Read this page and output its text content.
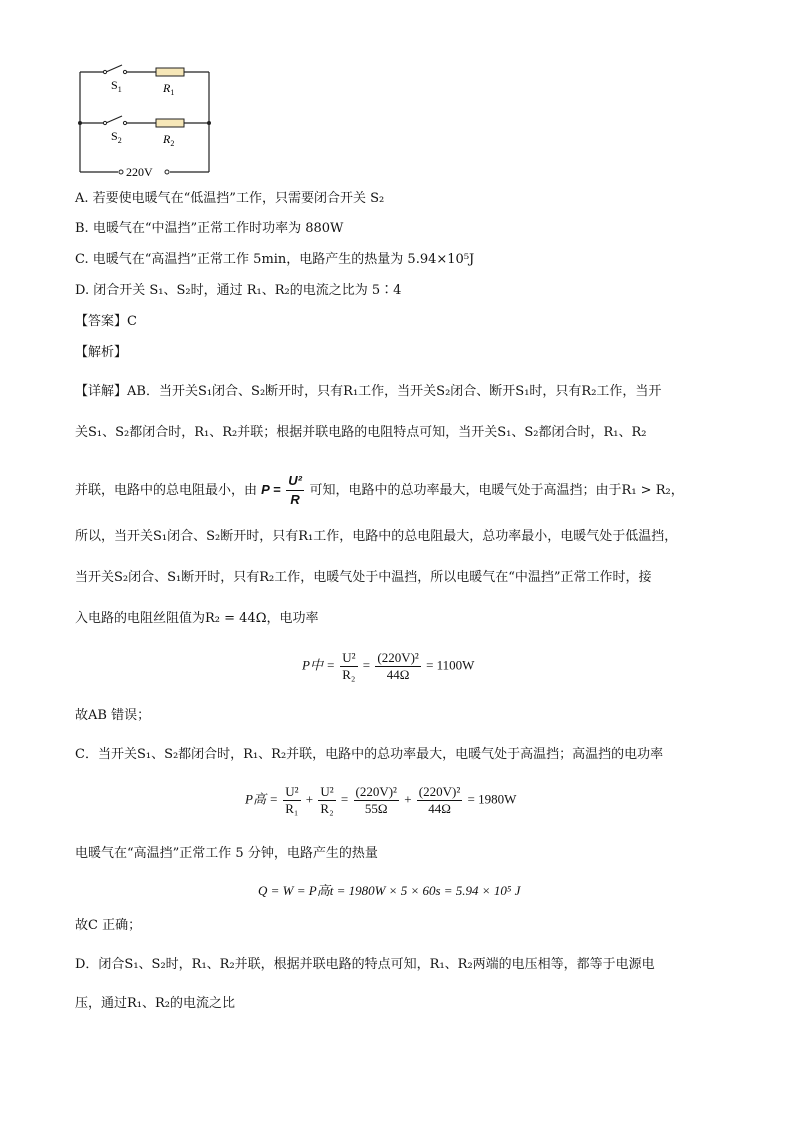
$S_1$	$R_1$
$S_2$	$R_2$
220V
A. 若要使电暖气在“低温挡”工作，只需要闭合开关 S₂
B. 电暖气在“中温挡”正常工作时功率为 880W
C. 电暖气在“高温挡”正常工作 5min，电路产生的热量为 5.94×10⁵J
D. 闭合开关 S₁、S₂时，通过 R₁、R₂的电流之比为 5∶4
【答案】C
【解析】
【详解】AB．当开关S₁闭合、S₂断开时，只有R₁工作，当开关S₂闭合、断开S₁时，只有R₂工作，当开
关S₁、S₂都闭合时，R₁、R₂并联；根据并联电路的电阻特点可知，当开关S₁、S₂都闭合时，R₁、R₂
并联，电路中的总电阻最小，由 $P = \frac{\text{U²}}{R}$ 可知，电路中的总功率最大，电暖气处于高温挡；由于R₁ > R₂，
所以，当开关S₁闭合、S₂断开时，只有R₁工作，电路中的总电阻最大，总功率最小，电暖气处于低温挡，
当开关S₂闭合、S₁断开时，只有R₂工作，电暖气处于中温挡，所以电暖气在“中温挡”正常工作时，接
入电路的电阻丝阻值为R₂ = 44Ω，电功率
P中 = $\frac{\text{U²}}{\text{R₂}} = \frac{\text{(220V)²}}{44\Omega} = 1100W$
故AB 错误；
C．当开关S₁、S₂都闭合时，R₁、R₂并联，电路中的总功率最大，电暖气处于高温挡；高温挡的电功率
P高 = $\frac{\text{U²}}{\text{R₁}} + \frac{\text{U²}}{\text{R₂}} = \frac{\text{(220V)²}}{55\Omega} + \frac{\text{(220V)²}}{44\Omega} = 1980W$
电暖气在“高温挡”正常工作 5 分钟，电路产生的热量
Q = W = P高t = 1980W × 5 × 60s = 5.94 × 10⁵ J
故C 正确；
D．闭合S₁、S₂时，R₁、R₂并联，根据并联电路的特点可知，R₁、R₂两端的电压相等，都等于电源电
压，通过R₁、R₂的电流之比
